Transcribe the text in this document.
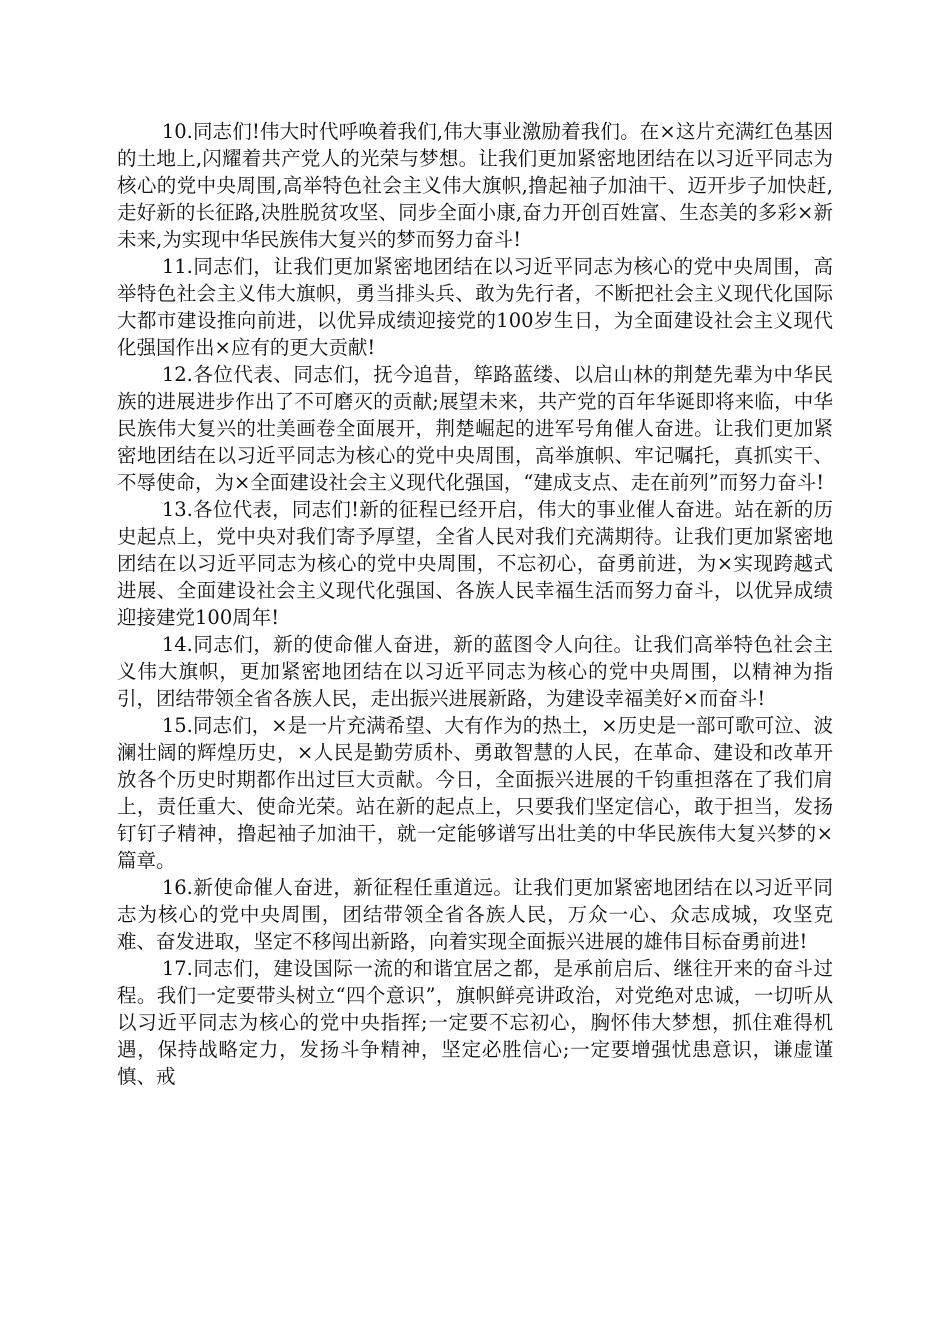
10.同志们!伟大时代呼唤着我们,伟大事业激励着我们。在×这片充满红色基因的土地上,闪耀着共产党人的光荣与梦想。让我们更加紧密地团结在以习近平同志为核心的党中央周围,高举特色社会主义伟大旗帜,撸起袖子加油干、迈开步子加快赶,走好新的长征路,决胜脱贫攻坚、同步全面小康,奋力开创百姓富、生态美的多彩×新未来,为实现中华民族伟大复兴的梦而努力奋斗!

11.同志们，让我们更加紧密地团结在以习近平同志为核心的党中央周围，高举特色社会主义伟大旗帜，勇当排头兵、敢为先行者，不断把社会主义现代化国际大都市建设推向前进，以优异成绩迎接党的100岁生日，为全面建设社会主义现代化强国作出×应有的更大贡献!

12.各位代表、同志们，抚今追昔，筚路蓝缕、以启山林的荆楚先辈为中华民族的进展进步作出了不可磨灭的贡献;展望未来，共产党的百年华诞即将来临，中华民族伟大复兴的壮美画卷全面展开，荆楚崛起的进军号角催人奋进。让我们更加紧密地团结在以习近平同志为核心的党中央周围，高举旗帜、牢记嘱托，真抓实干、不辱使命，为×全面建设社会主义现代化强国，“建成支点、走在前列”而努力奋斗!

13.各位代表，同志们!新的征程已经开启，伟大的事业催人奋进。站在新的历史起点上，党中央对我们寄予厚望，全省人民对我们充满期待。让我们更加紧密地团结在以习近平同志为核心的党中央周围，不忘初心，奋勇前进，为×实现跨越式进展、全面建设社会主义现代化强国、各族人民幸福生活而努力奋斗，以优异成绩迎接建党100周年!

14.同志们，新的使命催人奋进，新的蓝图令人向往。让我们高举特色社会主义伟大旗帜，更加紧密地团结在以习近平同志为核心的党中央周围，以精神为指引，团结带领全省各族人民，走出振兴进展新路，为建设幸福美好×而奋斗!

15.同志们，×是一片充满希望、大有作为的热土，×历史是一部可歌可泣、波澜壮阔的辉煌历史，×人民是勤劳质朴、勇敢智慧的人民，在革命、建设和改革开放各个历史时期都作出过巨大贡献。今日，全面振兴进展的千钧重担落在了我们肩上，责任重大、使命光荣。站在新的起点上，只要我们坚定信心，敢于担当，发扬钉钉子精神，撸起袖子加油干，就一定能够谱写出壮美的中华民族伟大复兴梦的×篇章。

16.新使命催人奋进，新征程任重道远。让我们更加紧密地团结在以习近平同志为核心的党中央周围，团结带领全省各族人民，万众一心、众志成城，攻坚克难、奋发进取，坚定不移闯出新路，向着实现全面振兴进展的雄伟目标奋勇前进!

17.同志们，建设国际一流的和谐宜居之都，是承前启后、继往开来的奋斗过程。我们一定要带头树立“四个意识”，旗帜鲜亮讲政治，对党绝对忠诚，一切听从以习近平同志为核心的党中央指挥;一定要不忘初心，胸怀伟大梦想，抓住难得机遇，保持战略定力，发扬斗争精神，坚定必胜信心;一定要增强忧患意识，谦虚谨慎、戒
